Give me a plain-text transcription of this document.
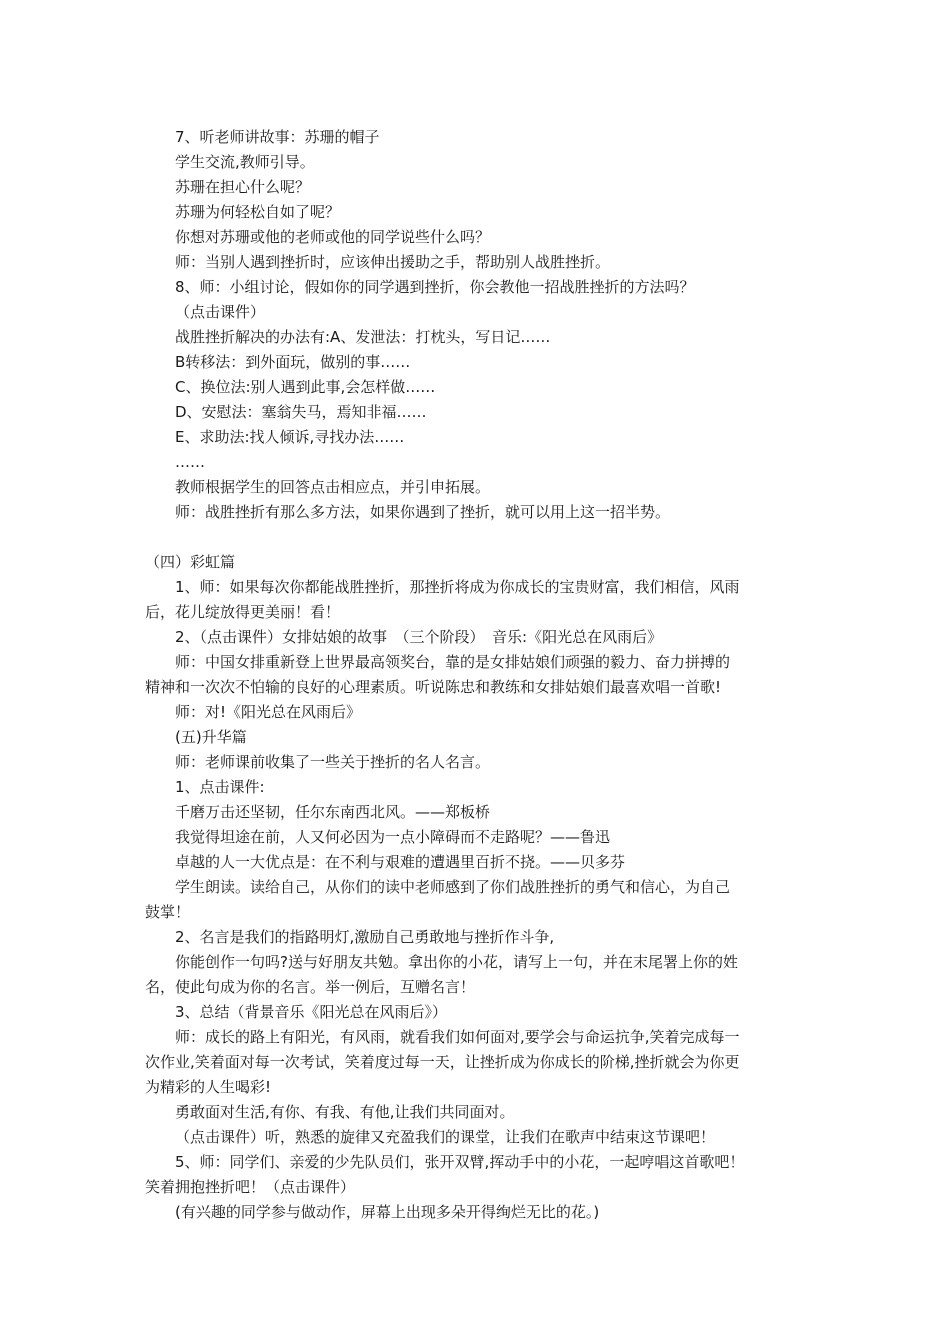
7、听老师讲故事：苏珊的帽子
学生交流,教师引导。
苏珊在担心什么呢？
苏珊为何轻松自如了呢？
你想对苏珊或他的老师或他的同学说些什么吗？
师：当别人遇到挫折时，应该伸出援助之手，帮助别人战胜挫折。
8、师：小组讨论，假如你的同学遇到挫折，你会教他一招战胜挫折的方法吗？
（点击课件）
战胜挫折解决的办法有:A、发泄法：打枕头，写日记……
B转移法：到外面玩，做别的事……
C、换位法:别人遇到此事,会怎样做……
D、安慰法：塞翁失马，焉知非福……
E、求助法:找人倾诉,寻找办法……
……
教师根据学生的回答点击相应点，并引申拓展。
师：战胜挫折有那么多方法，如果你遇到了挫折，就可以用上这一招半势。
（四）彩虹篇
1、师：如果每次你都能战胜挫折，那挫折将成为你成长的宝贵财富，我们相信，风雨
后，花儿绽放得更美丽！看！
2、（点击课件）女排姑娘的故事　（三个阶段）　音乐:《阳光总在风雨后》
师：中国女排重新登上世界最高领奖台，靠的是女排姑娘们顽强的毅力、奋力拼搏的
精神和一次次不怕输的良好的心理素质。听说陈忠和教练和女排姑娘们最喜欢唱一首歌!
师：对!《阳光总在风雨后》
(五)升华篇
师：老师课前收集了一些关于挫折的名人名言。
1、点击课件:
千磨万击还坚韧，任尔东南西北风。——郑板桥
我觉得坦途在前，人又何必因为一点小障碍而不走路呢？——鲁迅
卓越的人一大优点是：在不利与艰难的遭遇里百折不挠。——贝多芬
学生朗读。读给自己，从你们的读中老师感到了你们战胜挫折的勇气和信心，为自己
鼓掌！
2、名言是我们的指路明灯,激励自己勇敢地与挫折作斗争,
你能创作一句吗?送与好朋友共勉。拿出你的小花，请写上一句，并在末尾署上你的姓
名，使此句成为你的名言。举一例后，互赠名言！
3、总结（背景音乐《阳光总在风雨后》）
师：成长的路上有阳光，有风雨，就看我们如何面对,要学会与命运抗争,笑着完成每一
次作业,笑着面对每一次考试，笑着度过每一天，让挫折成为你成长的阶梯,挫折就会为你更
为精彩的人生喝彩!
勇敢面对生活,有你、有我、有他,让我们共同面对。
（点击课件）听，熟悉的旋律又充盈我们的课堂，让我们在歌声中结束这节课吧！
5、师：同学们、亲爱的少先队员们，张开双臂,挥动手中的小花，一起哼唱这首歌吧！
笑着拥抱挫折吧！（点击课件）
(有兴趣的同学参与做动作，屏幕上出现多朵开得绚烂无比的花。)
